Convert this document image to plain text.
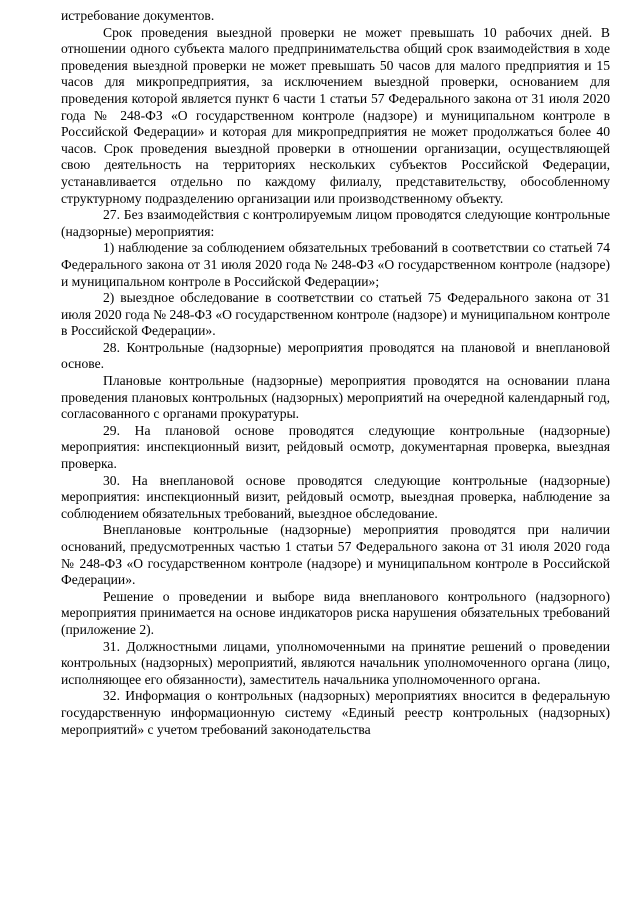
истребование документов.

Срок проведения выездной проверки не может превышать 10 рабочих дней. В отношении одного субъекта малого предпринимательства общий срок взаимодействия в ходе проведения выездной проверки не может превышать 50 часов для малого предприятия и 15 часов для микропредприятия, за исключением выездной проверки, основанием для проведения которой является пункт 6 части 1 статьи 57 Федерального закона от 31 июля 2020 года № 248-ФЗ «О государственном контроле (надзоре) и муниципальном контроле в Российской Федерации» и которая для микропредприятия не может продолжаться более 40 часов. Срок проведения выездной проверки в отношении организации, осуществляющей свою деятельность на территориях нескольких субъектов Российской Федерации, устанавливается отдельно по каждому филиалу, представительству, обособленному структурному подразделению организации или производственному объекту.

27. Без взаимодействия с контролируемым лицом проводятся следующие контрольные (надзорные) мероприятия:

1) наблюдение за соблюдением обязательных требований в соответствии со статьей 74 Федерального закона от 31 июля 2020 года № 248-ФЗ «О государственном контроле (надзоре) и муниципальном контроле в Российской Федерации»;

2) выездное обследование в соответствии со статьей 75 Федерального закона от 31 июля 2020 года № 248-ФЗ «О государственном контроле (надзоре) и муниципальном контроле в Российской Федерации».

28. Контрольные (надзорные) мероприятия проводятся на плановой и внеплановой основе.

Плановые контрольные (надзорные) мероприятия проводятся на основании плана проведения плановых контрольных (надзорных) мероприятий на очередной календарный год, согласованного с органами прокуратуры.

29. На плановой основе проводятся следующие контрольные (надзорные) мероприятия: инспекционный визит, рейдовый осмотр, документарная проверка, выездная проверка.

30. На внеплановой основе проводятся следующие контрольные (надзорные) мероприятия: инспекционный визит, рейдовый осмотр, выездная проверка, наблюдение за соблюдением обязательных требований, выездное обследование.

Внеплановые контрольные (надзорные) мероприятия проводятся при наличии оснований, предусмотренных частью 1 статьи 57 Федерального закона от 31 июля 2020 года № 248-ФЗ «О государственном контроле (надзоре) и муниципальном контроле в Российской Федерации».

Решение о проведении и выборе вида внепланового контрольного (надзорного) мероприятия принимается на основе индикаторов риска нарушения обязательных требований (приложение 2).

31. Должностными лицами, уполномоченными на принятие решений о проведении контрольных (надзорных) мероприятий, являются начальник уполномоченного органа (лицо, исполняющее его обязанности), заместитель начальника уполномоченного органа.

32. Информация о контрольных (надзорных) мероприятиях вносится в федеральную государственную информационную систему «Единый реестр контрольных (надзорных) мероприятий» с учетом требований законодательства
